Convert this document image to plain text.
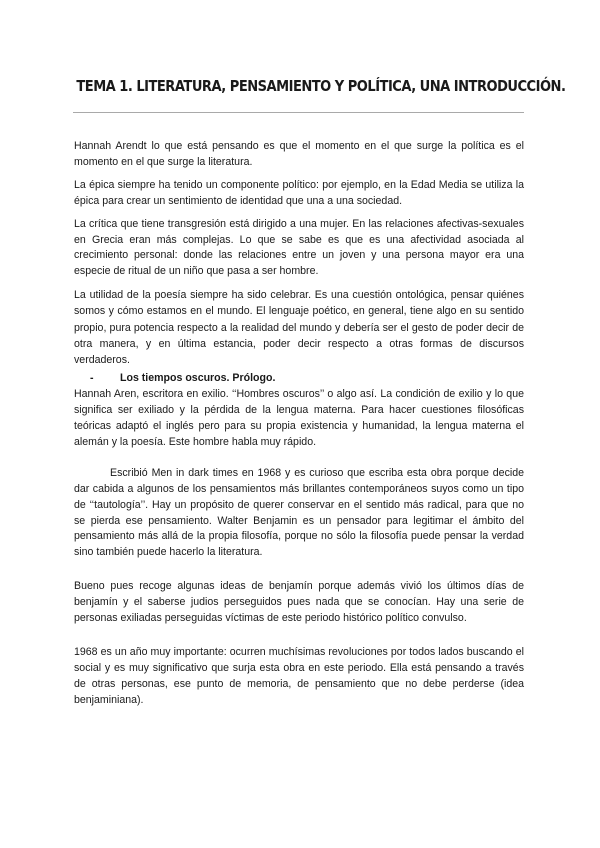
TEMA 1. LITERATURA, PENSAMIENTO Y POLÍTICA, UNA INTRODUCCIÓN.

Hannah Arendt lo que está pensando es que el momento en el que surge la política es el momento en el que surge la literatura.

La épica siempre ha tenido un componente político: por ejemplo, en la Edad Media se utiliza la épica para crear un sentimiento de identidad que una a una sociedad.

La crítica que tiene transgresión está dirigido a una mujer. En las relaciones afectivas-sexuales en Grecia eran más complejas. Lo que se sabe es que es una afectividad asociada al crecimiento personal: donde las relaciones entre un joven y una persona mayor era una especie de ritual de un niño que pasa a ser hombre.

La utilidad de la poesía siempre ha sido celebrar. Es una cuestión ontológica, pensar quiénes somos y cómo estamos en el mundo. El lenguaje poético, en general, tiene algo en su sentido propio, pura potencia respecto a la realidad del mundo y debería ser el gesto de poder decir de otra manera, y en última estancia, poder decir respecto a otras formas de discursos verdaderos.

-	Los tiempos oscuros. Prólogo.

Hannah Aren, escritora en exilio. ‘‘Hombres oscuros’’ o algo así. La condición de exilio y lo que significa ser exiliado y la pérdida de la lengua materna. Para hacer cuestiones filosóficas teóricas adaptó el inglés pero para su propia existencia y humanidad, la lengua materna el alemán y la poesía. Este hombre habla muy rápido.

Escribió Men in dark times en 1968 y es curioso que escriba esta obra porque decide dar cabida a algunos de los pensamientos más brillantes contemporáneos suyos como un tipo de ‘‘tautología’’. Hay un propósito de querer conservar en el sentido más radical, para que no se pierda ese pensamiento. Walter Benjamin es un pensador para legitimar el ámbito del pensamiento más allá de la propia filosofía, porque no sólo la filosofía puede pensar la verdad sino también puede hacerlo la literatura.

Bueno pues recoge algunas ideas de benjamín porque además vivió los últimos días de benjamín y el saberse judios perseguidos pues nada que se conocían. Hay una serie de personas exiliadas perseguidas víctimas de este periodo histórico político convulso.

1968 es un año muy importante: ocurren muchísimas revoluciones por todos lados buscando el social y es muy significativo que surja esta obra en este periodo. Ella está pensando a través de otras personas, ese punto de memoria, de pensamiento que no debe perderse (idea benjaminiana).
